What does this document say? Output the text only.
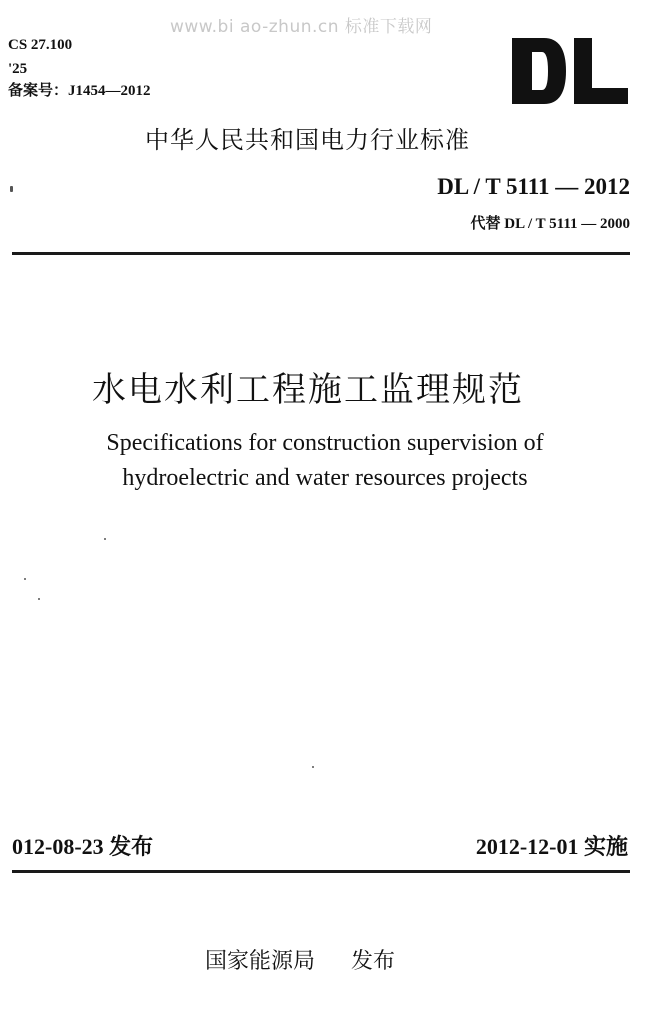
www.bi ao-zhun.cn 标准下载网
CS 27.100
'25
备案号：J1454—2012
中华人民共和国电力行业标准
DL / T 5111 — 2012
代替 DL / T 5111 — 2000
水电水利工程施工监理规范
Specifications for construction supervision of
hydroelectric and water resources projects
012-08-23 发布	2012-12-01 实施
国家能源局 发布
